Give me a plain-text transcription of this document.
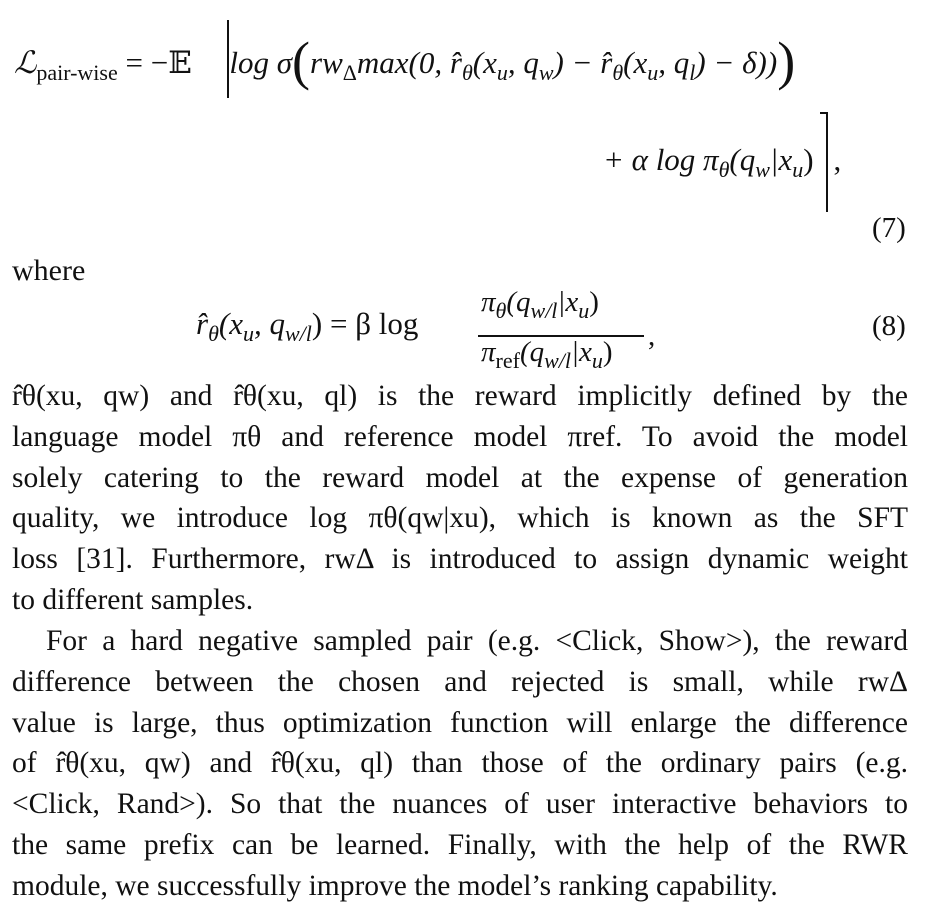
ℒ$_{pair-wise}$ = −𝔼 $\log \sigma(rw_\Delta\max(0$, $r̂_\theta(x_u$, $q_w$) − $r̂_\theta(x_u$, $q_l) - \delta$)))
+ α $\log \pi_\theta(q_w|x_u)$ ,
(7)
where
$r̂_\theta(x_u$, $q_{w/l}) = \beta$ log
$\pi_\theta(q_{w/l}|x_u)$
$\pi_{ref}(q_{w/l}|x_u)$ ,	(8)
r̂θ(xu, qw) and r̂θ(xu, ql) is the reward implicitly defined by the
language model πθ and reference model πref. To avoid the model
solely catering to the reward model at the expense of generation
quality, we introduce log πθ(qw|xu), which is known as the SFT
loss [31]. Furthermore, rwΔ is introduced to assign dynamic weight
to different samples.
For a hard negative sampled pair (e.g. <Click, Show>), the reward
difference between the chosen and rejected is small, while rwΔ
value is large, thus optimization function will enlarge the difference
of r̂θ(xu, qw) and r̂θ(xu, ql) than those of the ordinary pairs (e.g.
<Click, Rand>). So that the nuances of user interactive behaviors to
the same prefix can be learned. Finally, with the help of the RWR
module, we successfully improve the model’s ranking capability.
